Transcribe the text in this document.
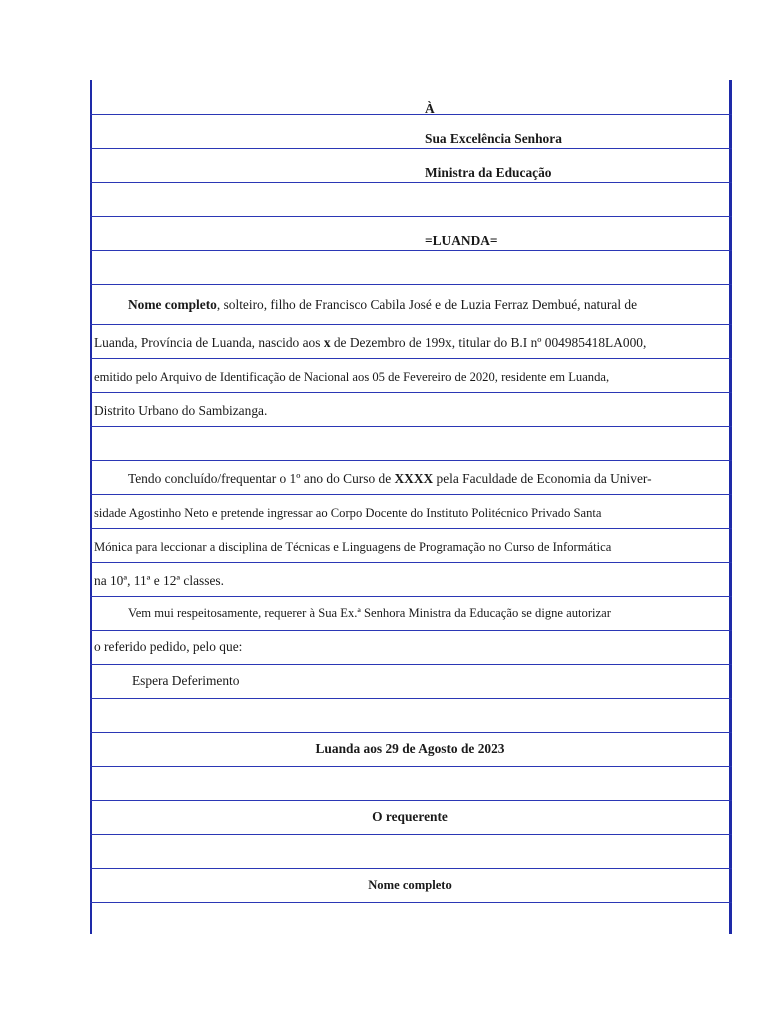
À
Sua Excelência Senhora
Ministra da Educação
=LUANDA=
Nome completo, solteiro, filho de Francisco Cabila José e de Luzia Ferraz Dembué, natural de
Luanda, Província de Luanda, nascido aos x de Dezembro de 199x, titular do B.I nº 004985418LA000,
emitido pelo Arquivo de Identificação de Nacional aos 05 de Fevereiro de 2020, residente em Luanda,
Distrito Urbano do Sambizanga.
Tendo concluído/frequentar o 1º ano do Curso de XXXX pela Faculdade de Economia da Univer-
sidade Agostinho Neto e pretende ingressar ao Corpo Docente do Instituto Politécnico Privado Santa
Mónica para leccionar a disciplina de Técnicas e Linguagens de Programação no Curso de Informática
na 10ª, 11ª e 12ª classes.
Vem mui respeitosamente, requerer à Sua Ex.ª Senhora Ministra da Educação se digne autorizar
o referido pedido, pelo que:
Espera Deferimento
Luanda aos 29 de Agosto de 2023
O requerente
Nome completo
